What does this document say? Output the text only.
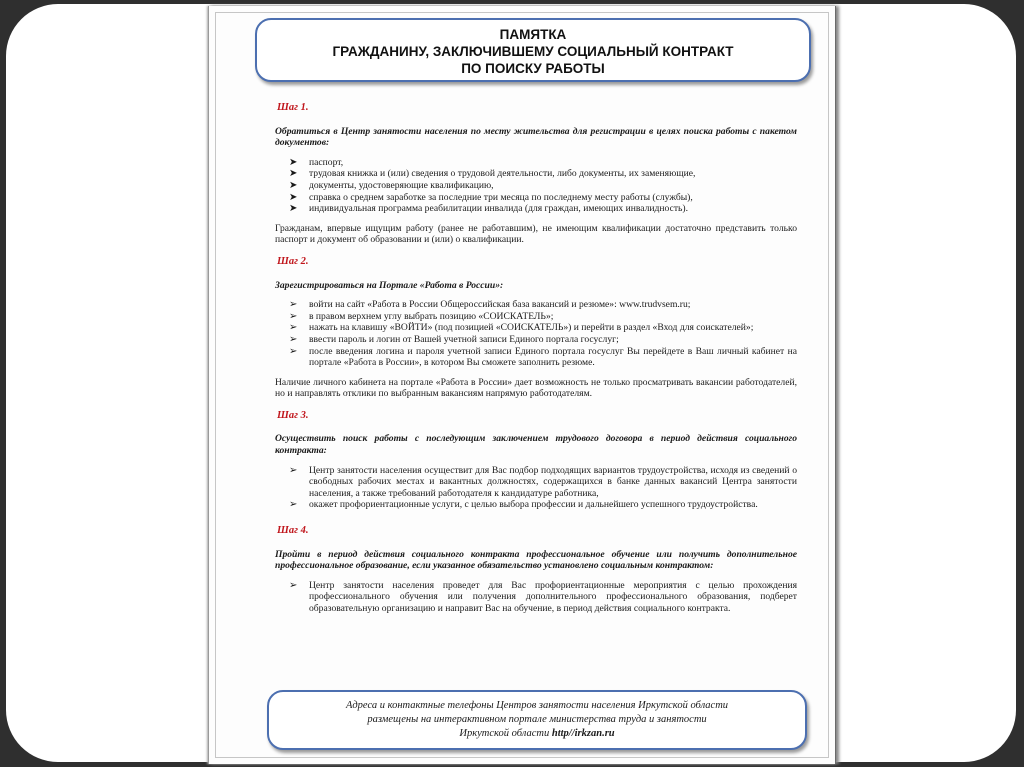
ПАМЯТКА
ГРАЖДАНИНУ, ЗАКЛЮЧИВШЕМУ СОЦИАЛЬНЫЙ КОНТРАКТ
ПО ПОИСКУ РАБОТЫ
Шаг 1.
Обратиться в Центр занятости населения по месту жительства для регистрации в целях поиска работы с пакетом документов:
➤ паспорт,
➤ трудовая книжка и (или) сведения о трудовой деятельности, либо документы, их заменяющие,
➤ документы, удостоверяющие квалификацию,
➤ справка о среднем заработке за последние три месяца по последнему месту работы (службы),
➤ индивидуальная программа реабилитации инвалида (для граждан, имеющих инвалидность).
Гражданам, впервые ищущим работу (ранее не работавшим), не имеющим квалификации достаточно представить только паспорт и документ об образовании и (или) о квалификации.
Шаг 2.
Зарегистрироваться на Портале «Работа в России»:
➢ войти на сайт «Работа в России Общероссийская база вакансий и резюме»: www.trudvsem.ru;
➢ в правом верхнем углу выбрать позицию «СОИСКАТЕЛЬ»;
➢ нажать на клавишу «ВОЙТИ» (под позицией «СОИСКАТЕЛЬ») и перейти в раздел «Вход для соискателей»;
➢ ввести пароль и логин от Вашей учетной записи Единого портала госуслуг;
➢ после введения логина и пароля учетной записи Единого портала госуслуг Вы перейдете в Ваш личный кабинет на портале «Работа в России», в котором Вы сможете заполнить резюме.
Наличие личного кабинета на портале «Работа в России» дает возможность не только просматривать вакансии работодателей, но и направлять отклики по выбранным вакансиям напрямую работодателям.
Шаг 3.
Осуществить поиск работы с последующим заключением трудового договора в период действия социального контракта:
➢ Центр занятости населения осуществит для Вас подбор подходящих вариантов трудоустройства, исходя из сведений о свободных рабочих местах и вакантных должностях, содержащихся в банке данных вакансий Центра занятости населения, а также требований работодателя к кандидатуре работника,
➢ окажет профориентационные услуги, с целью выбора профессии и дальнейшего успешного трудоустройства.
Шаг 4.
Пройти в период действия социального контракта профессиональное обучение или получить дополнительное профессиональное образование, если указанное обязательство установлено социальным контрактом:
➢ Центр занятости населения проведет для Вас профориентационные мероприятия с целью прохождения профессионального обучения или получения дополнительного профессионального образования, подберет образовательную организацию и направит Вас на обучение, в период действия социального контракта.
Адреса и контактные телефоны Центров занятости населения Иркутской области
размещены на интерактивном портале министерства труда и занятости
Иркутской области http//irkzan.ru
